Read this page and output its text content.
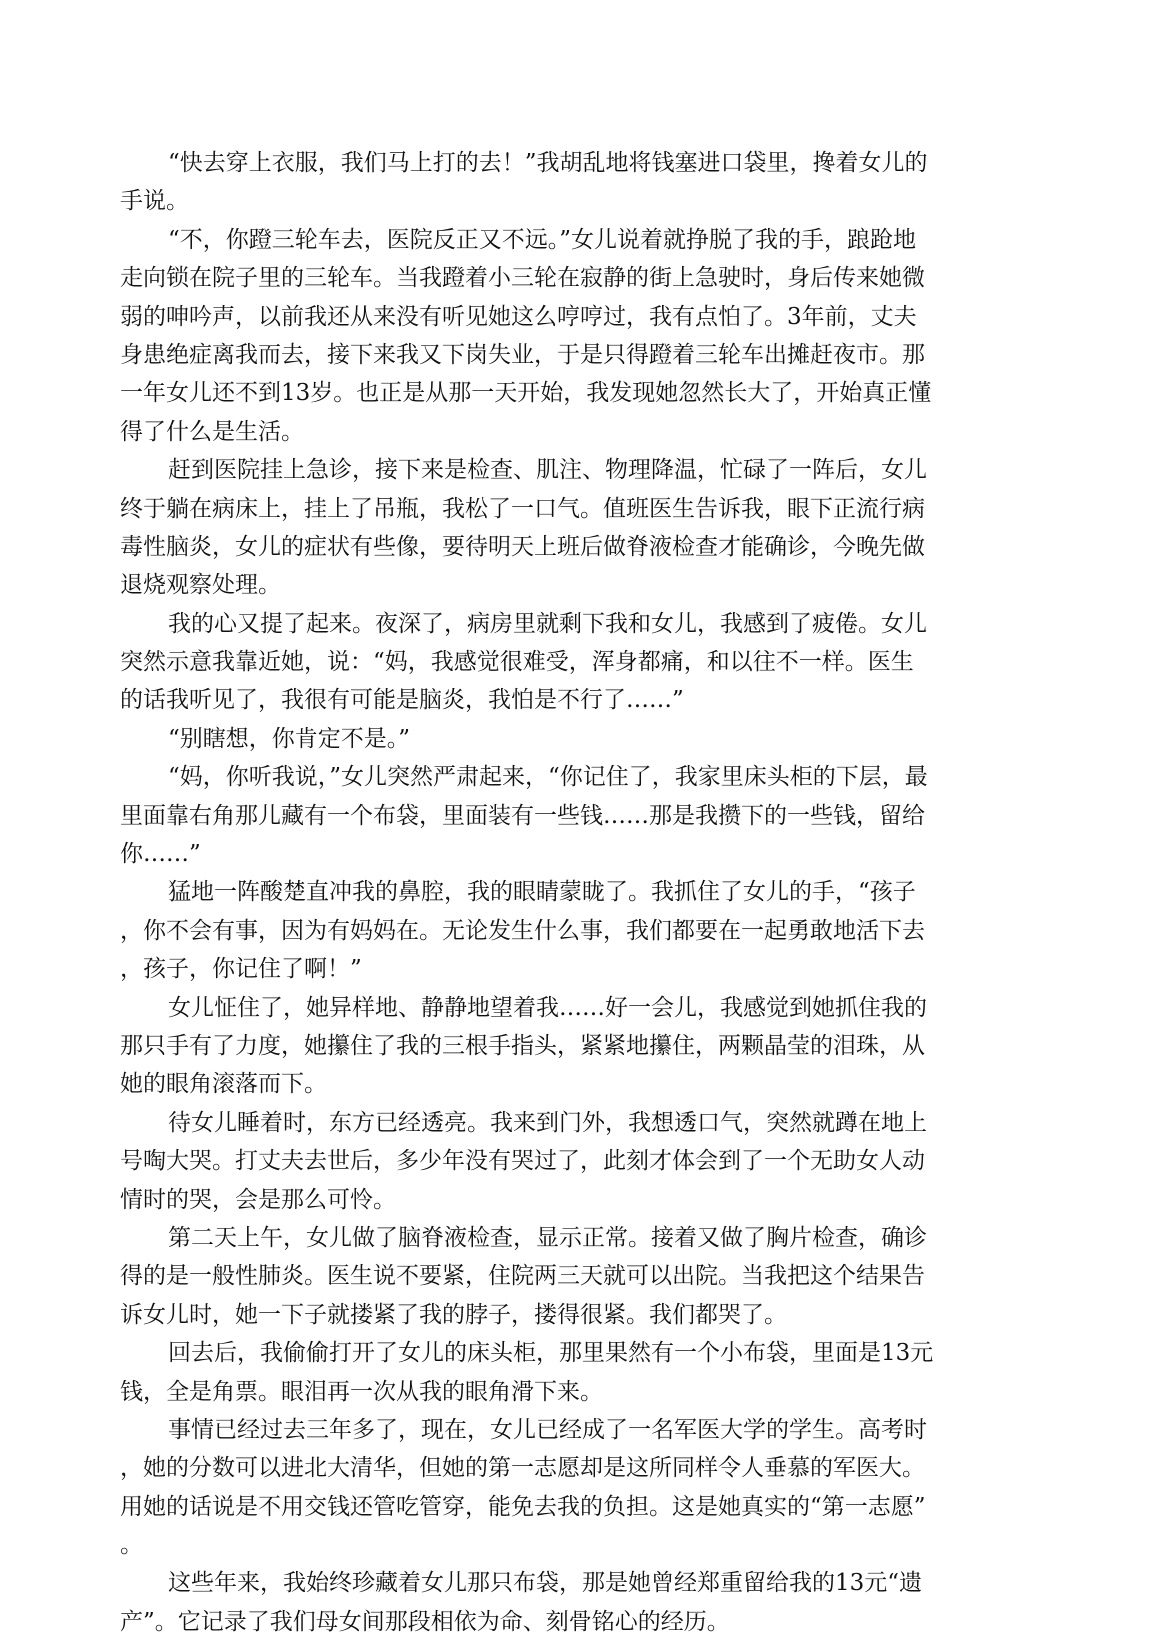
“快去穿上衣服，我们马上打的去！”我胡乱地将钱塞进口袋里，搀着女儿的
手说。
“不，你蹬三轮车去，医院反正又不远。”女儿说着就挣脱了我的手，踉跄地
走向锁在院子里的三轮车。当我蹬着小三轮在寂静的街上急驶时，身后传来她微
弱的呻吟声，以前我还从来没有听见她这么哼哼过，我有点怕了。3年前，丈夫
身患绝症离我而去，接下来我又下岗失业，于是只得蹬着三轮车出摊赶夜市。那
一年女儿还不到13岁。也正是从那一天开始，我发现她忽然长大了，开始真正懂
得了什么是生活。
赶到医院挂上急诊，接下来是检查、肌注、物理降温，忙碌了一阵后，女儿
终于躺在病床上，挂上了吊瓶，我松了一口气。值班医生告诉我，眼下正流行病
毒性脑炎，女儿的症状有些像，要待明天上班后做脊液检查才能确诊，今晚先做
退烧观察处理。
我的心又提了起来。夜深了，病房里就剩下我和女儿，我感到了疲倦。女儿
突然示意我靠近她，说：“妈，我感觉很难受，浑身都痛，和以往不一样。医生
的话我听见了，我很有可能是脑炎，我怕是不行了……”
“别瞎想，你肯定不是。”
“妈，你听我说，”女儿突然严肃起来，“你记住了，我家里床头柜的下层，最
里面靠右角那儿藏有一个布袋，里面装有一些钱……那是我攒下的一些钱，留给
你……”
猛地一阵酸楚直冲我的鼻腔，我的眼睛蒙眬了。我抓住了女儿的手，“孩子
，你不会有事，因为有妈妈在。无论发生什么事，我们都要在一起勇敢地活下去
，孩子，你记住了啊！”
女儿怔住了，她异样地、静静地望着我……好一会儿，我感觉到她抓住我的
那只手有了力度，她攥住了我的三根手指头，紧紧地攥住，两颗晶莹的泪珠，从
她的眼角滚落而下。
待女儿睡着时，东方已经透亮。我来到门外，我想透口气，突然就蹲在地上
号啕大哭。打丈夫去世后，多少年没有哭过了，此刻才体会到了一个无助女人动
情时的哭，会是那么可怜。
第二天上午，女儿做了脑脊液检查，显示正常。接着又做了胸片检查，确诊
得的是一般性肺炎。医生说不要紧，住院两三天就可以出院。当我把这个结果告
诉女儿时，她一下子就搂紧了我的脖子，搂得很紧。我们都哭了。
回去后，我偷偷打开了女儿的床头柜，那里果然有一个小布袋，里面是13元
钱，全是角票。眼泪再一次从我的眼角滑下来。
事情已经过去三年多了，现在，女儿已经成了一名军医大学的学生。高考时
，她的分数可以进北大清华，但她的第一志愿却是这所同样令人垂慕的军医大。
用她的话说是不用交钱还管吃管穿，能免去我的负担。这是她真实的“第一志愿”
。
这些年来，我始终珍藏着女儿那只布袋，那是她曾经郑重留给我的13元“遗
产”。它记录了我们母女间那段相依为命、刻骨铭心的经历。
